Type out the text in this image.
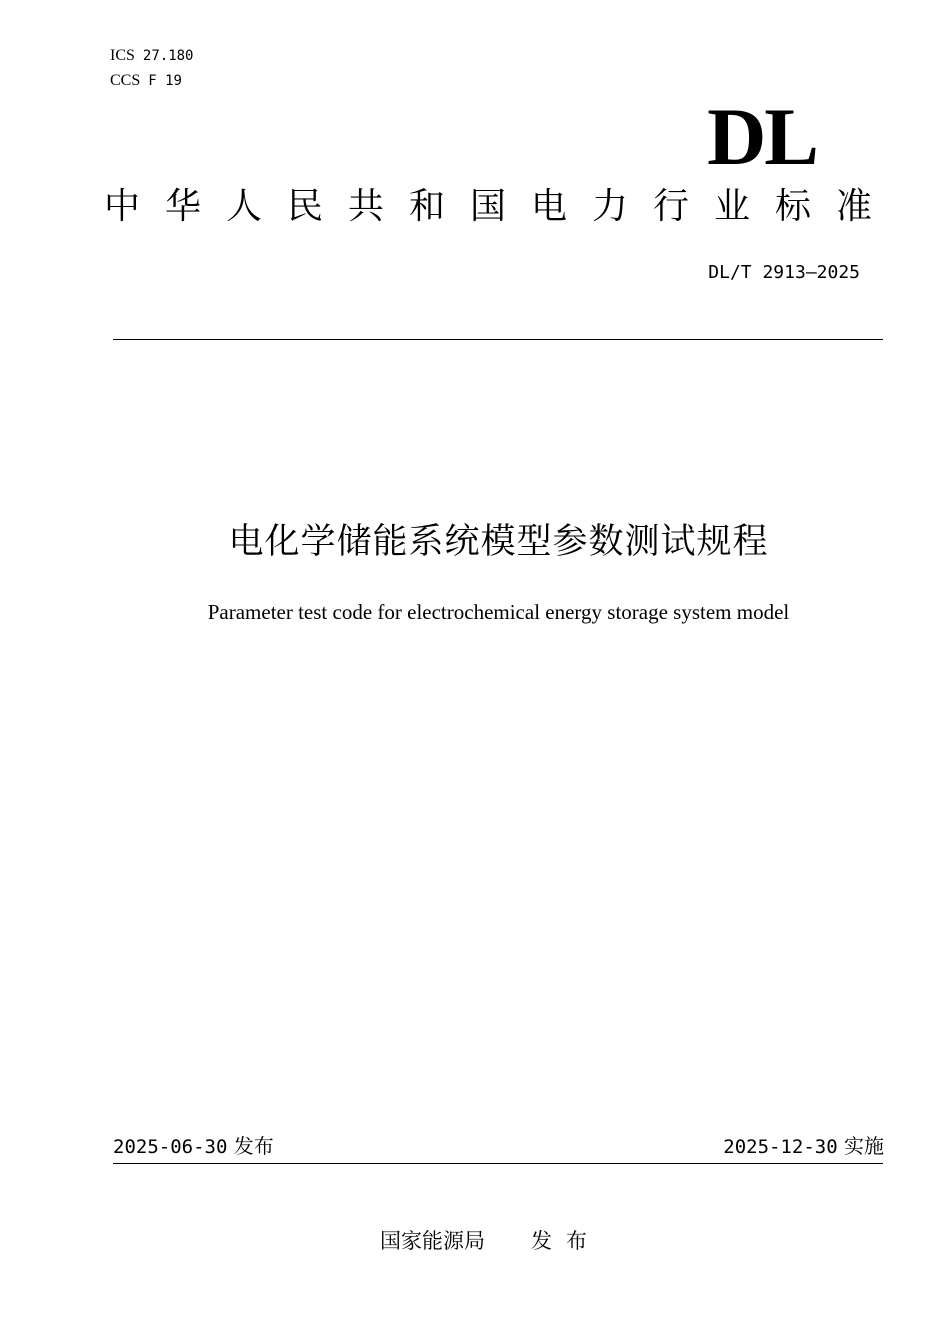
ICS 27.180
CCS F 19
DL
中华人民共和国电力行业标准
DL/T 2913—2025
电化学储能系统模型参数测试规程
Parameter test code for electrochemical energy storage system model
2025-06-30 发布	2025-12-30 实施
国家能源局 发布
